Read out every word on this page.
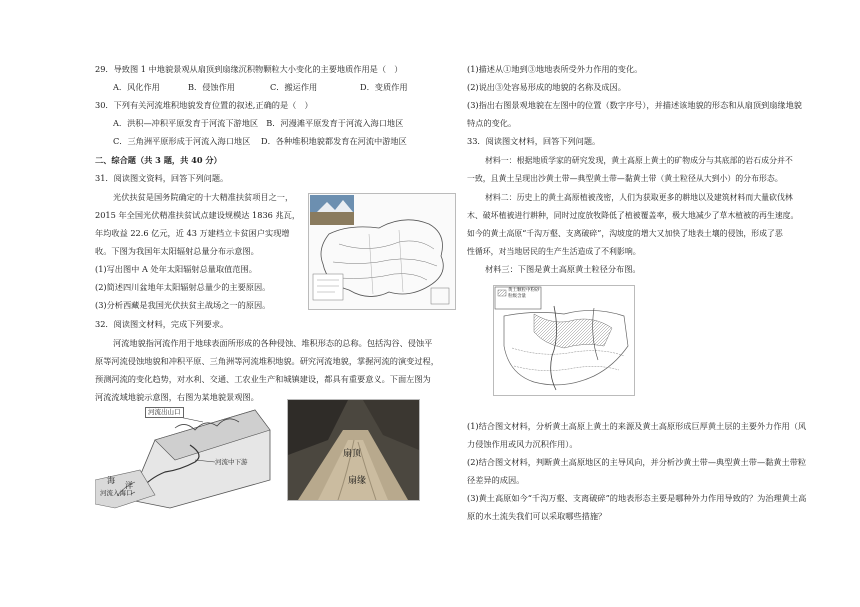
29．导致图 1 中地貌景观从扇顶到扇缘沉积物颗粒大小变化的主要地质作用是（　）
A．风化作用	B．侵蚀作用	C．搬运作用	D．变质作用
30．下列有关河流堆积地貌发育位置的叙述,正确的是（　）
A．洪积—冲积平原发育于河流下游地区　B．河漫滩平原发育于河流入海口地区
C．三角洲平原形成于河流入海口地区　 D．各种堆积地貌都发育在河流中游地区
二、综合题（共 3 题，共 40 分）
31．阅读图文资料，回答下列问题。
光伏扶贫是国务院确定的十大精准扶贫项目之一，
2015 年全国光伏精准扶贫试点建设规模达 1836 兆瓦，
年均收益 22.6 亿元，近 43 万建档立卡贫困户实现增
收。下图为我国年太阳辐射总量分布示意图。
(1)写出图中 A 处年太阳辐射总量取值范围。
(2)简述四川盆地年太阳辐射总量少的主要原因。
(3)分析西藏是我国光伏扶贫主战场之一的原因。
32．阅读图文材料，完成下列要求。
河流地貌指河流作用于地球表面所形成的各种侵蚀、堆积形态的总称。包括沟谷、侵蚀平
原等河流侵蚀地貌和冲积平原、三角洲等河流堆积地貌。研究河流地貌，掌握河流的演变过程，
预测河流的变化趋势，对水利、交通、工农业生产和城镇建设，都具有重要意义。下面左图为
河流流域地貌示意图，右图为某地貌景观图。
河流出山口
河流中下游
海
洋
河流入海口
扇顶
扇缘
(1)描述从①地到③地地表所受外力作用的变化。
(2)说出③处容易形成的地貌的名称及成因。
(3)指出右图景观地貌在左图中的位置（数字序号），并描述该地貌的形态和从扇顶到扇缘地貌
特点的变化。
33．阅读图文材料，回答下列问题。
材料一：根据地质学家的研究发现，黄土高原上黄土的矿物成分与其底部的岩石成分并不
一致，且黄土呈现出沙黄土带—典型黄土带—黏黄土带（黄土粒径从大到小）的分布形态。
材料二：历史上的黄土高原植被茂密，人们为获取更多的耕地以及建筑材料而大量砍伐林
木、破坏植被进行耕种，同时过度放牧降低了植被覆盖率，极大地减少了草木植被的再生速度。
如今的黄土高原“千沟万壑、支离破碎”，沟坡度的增大又加快了地表土壤的侵蚀，形成了恶
性循环，对当地居民的生产生活造成了不利影响。
材料三：下图是黄土高原黄土粒径分布图。
黄土颗粒中粉砂
粒级含量
(1)结合图文材料，分析黄土高原上黄土的来源及黄土高原形成巨厚黄土层的主要外力作用（风
力侵蚀作用或风力沉积作用）。
(2)结合图文材料，判断黄土高原地区的主导风向，并分析沙黄土带—典型黄土带—黏黄土带粒
径差异的成因。
(3)黄土高原如今“千沟万壑、支离破碎”的地表形态主要是哪种外力作用导致的？为治理黄土高
原的水土流失我们可以采取哪些措施？
